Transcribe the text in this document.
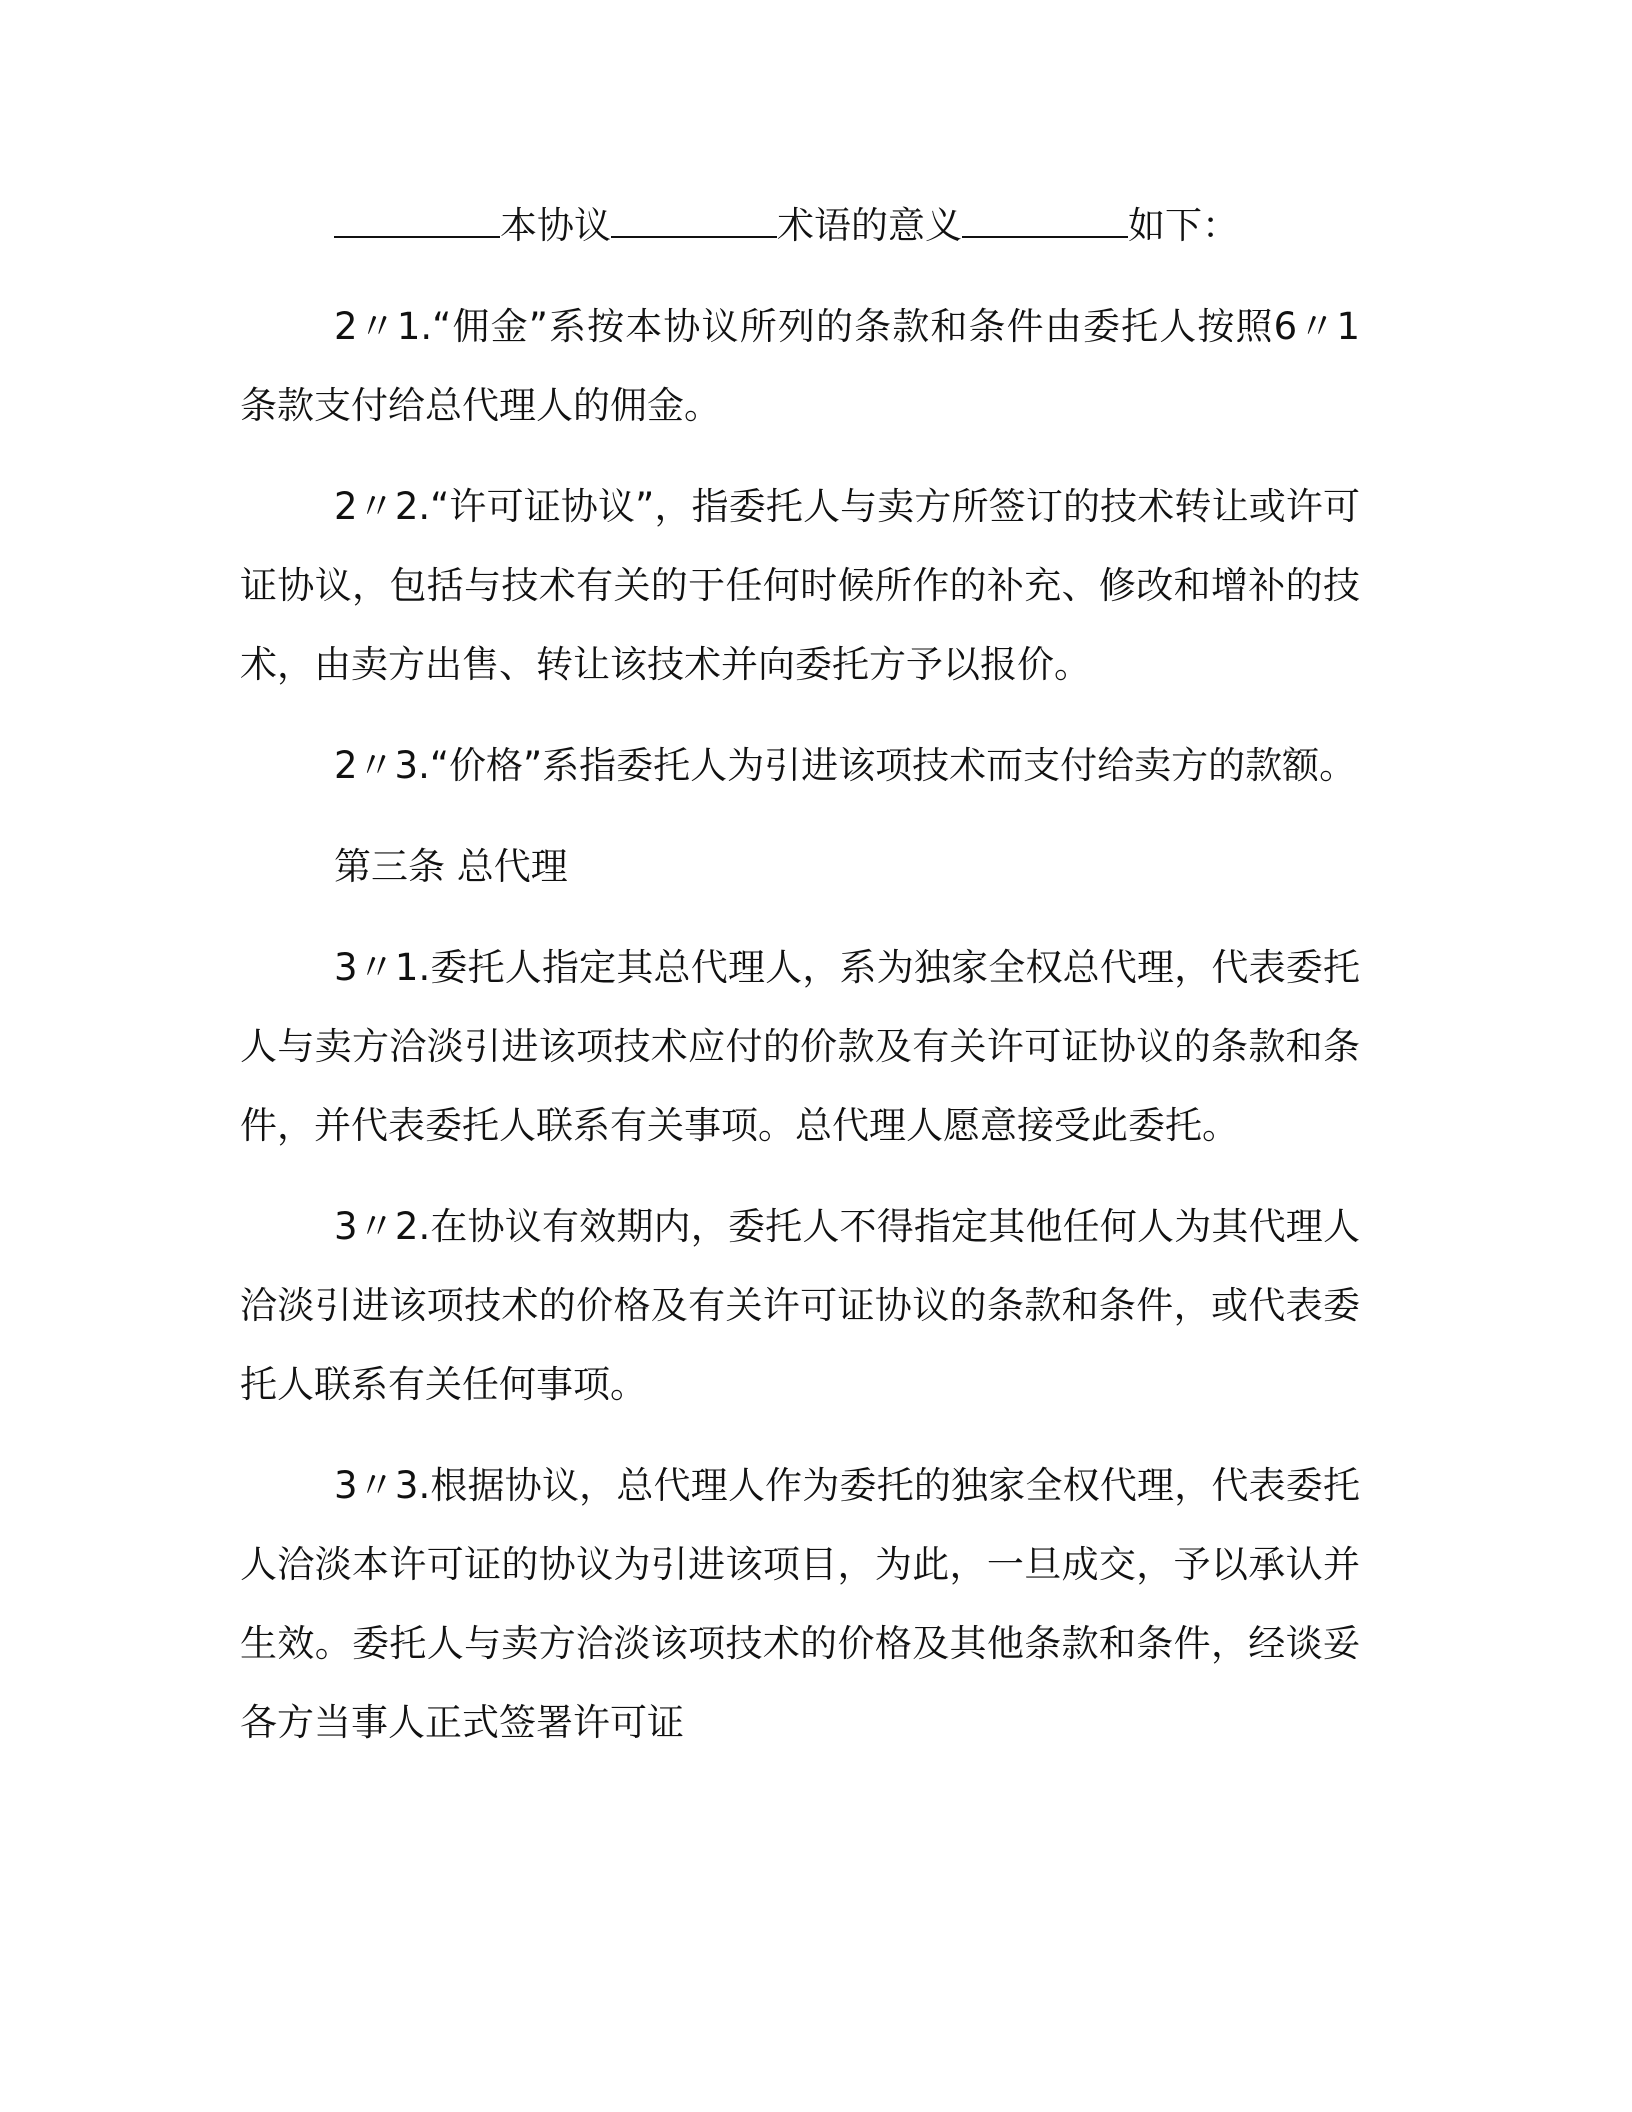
本协议	术语的意义	如下：

2〃1.“佣金”系按本协议所列的条款和条件由委托人按照6〃1条款支付给总代理人的佣金。

2〃2.“许可证协议”，指委托人与卖方所签订的技术转让或许可证协议，包括与技术有关的于任何时候所作的补充、修改和增补的技术，由卖方出售、转让该技术并向委托方予以报价。

2〃3.“价格”系指委托人为引进该项技术而支付给卖方的款额。

第三条 总代理

3〃1.委托人指定其总代理人，系为独家全权总代理，代表委托人与卖方洽淡引进该项技术应付的价款及有关许可证协议的条款和条件，并代表委托人联系有关事项。总代理人愿意接受此委托。

3〃2.在协议有效期内，委托人不得指定其他任何人为其代理人洽淡引进该项技术的价格及有关许可证协议的条款和条件，或代表委托人联系有关任何事项。

3〃3.根据协议，总代理人作为委托的独家全权代理，代表委托人洽淡本许可证的协议为引进该项目，为此，一旦成交，予以承认并生效。委托人与卖方洽淡该项技术的价格及其他条款和条件，经谈妥各方当事人正式签署许可证
